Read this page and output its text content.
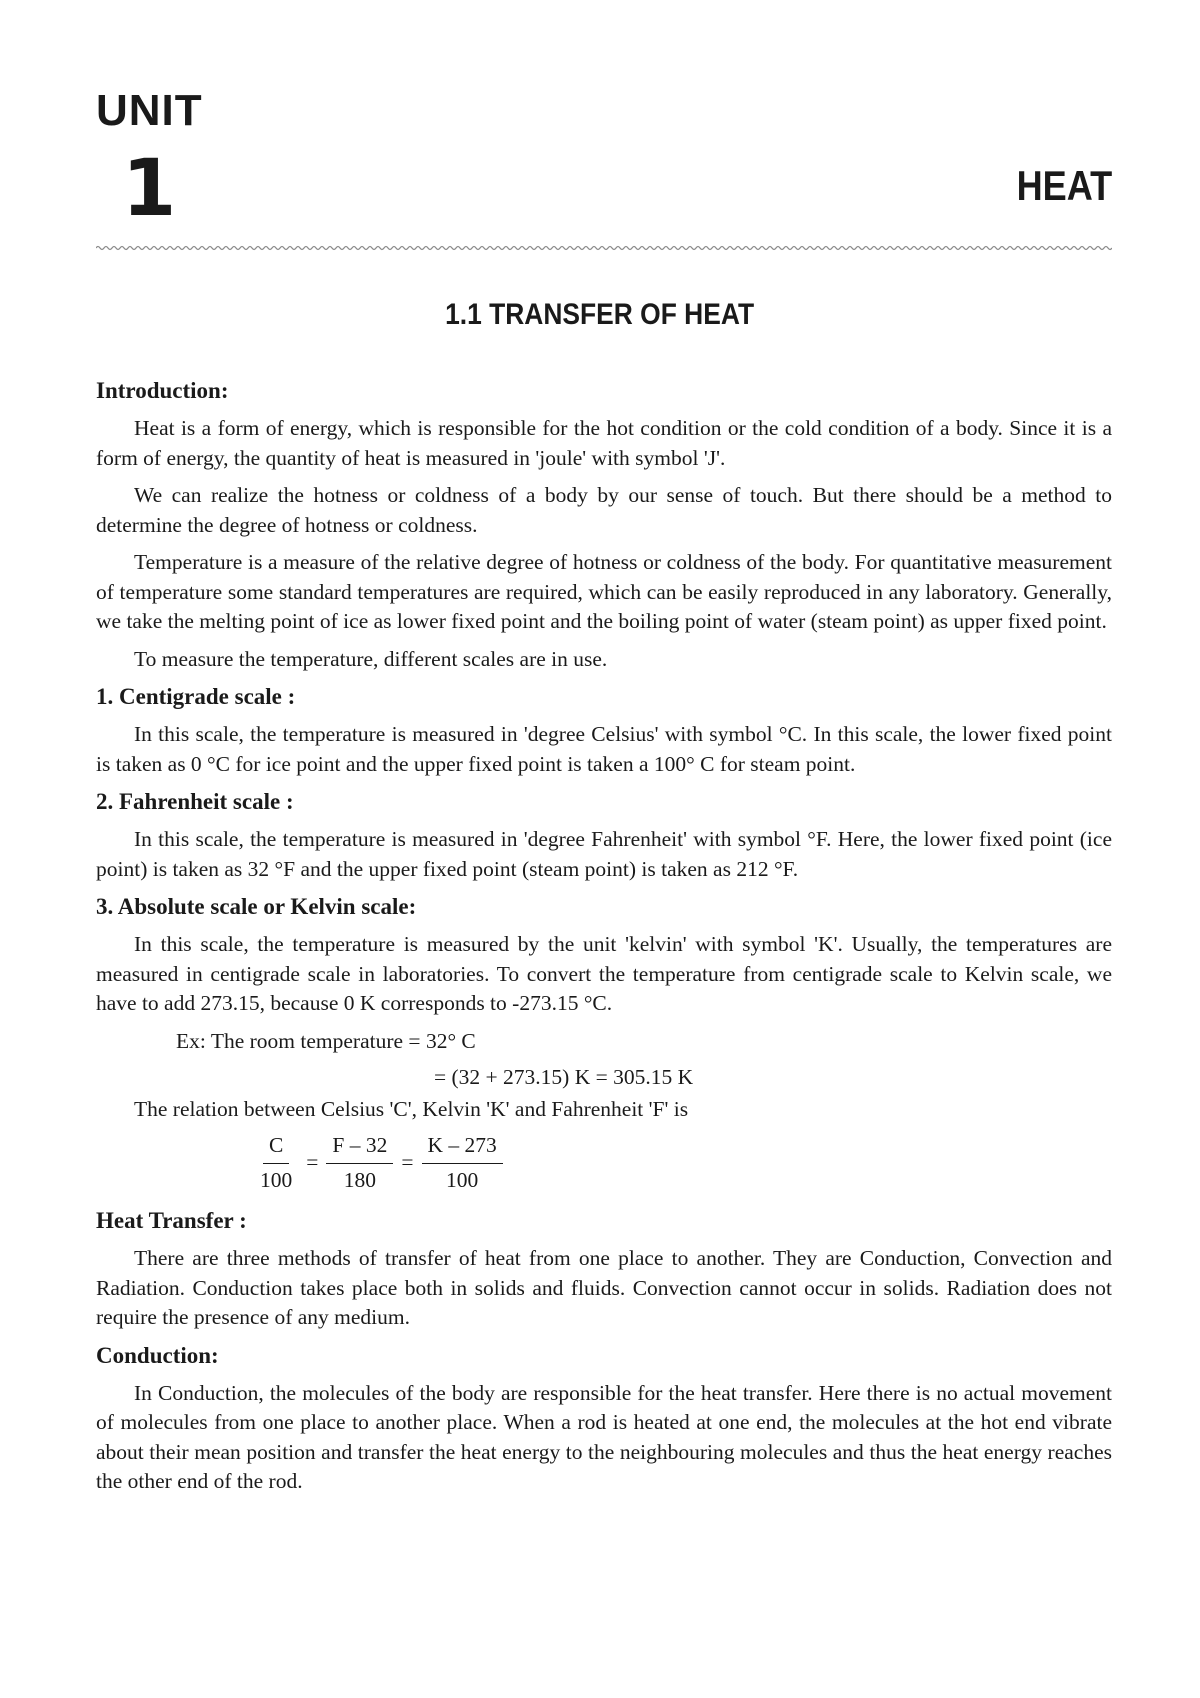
UNIT
1	HEAT
1.1 TRANSFER OF HEAT
Introduction:

Heat is a form of energy, which is responsible for the hot condition or the cold condition of a body. Since it is a form of energy, the quantity of heat is measured in 'joule' with symbol 'J'.

We can realize the hotness or coldness of a body by our sense of touch. But there should be a method to determine the degree of hotness or coldness.

Temperature is a measure of the relative degree of hotness or coldness of the body. For quantitative measurement of temperature some standard temperatures are required, which can be easily reproduced in any laboratory. Generally, we take the melting point of ice as lower fixed point and the boiling point of water (steam point) as upper fixed point.

To measure the temperature, different scales are in use.

1. Centigrade scale :

In this scale, the temperature is measured in 'degree Celsius' with symbol °C. In this scale, the lower fixed point is taken as 0 °C for ice point and the upper fixed point is taken a 100° C for steam point.

2. Fahrenheit scale :

In this scale, the temperature is measured in 'degree Fahrenheit' with symbol °F. Here, the lower fixed point (ice point) is taken as 32 °F and the upper fixed point (steam point) is taken as 212 °F.

3. Absolute scale or Kelvin scale:

In this scale, the temperature is measured by the unit 'kelvin' with symbol 'K'. Usually, the temperatures are measured in centigrade scale in laboratories. To convert the temperature from centigrade scale to Kelvin scale, we have to add 273.15, because 0 K corresponds to -273.15 °C.

Ex: The room temperature = 32° C
= (32 + 273.15) K = 305.15 K
The relation between Celsius 'C', Kelvin 'K' and Fahrenheit 'F' is
$\frac{C}{100} = \frac{F - 32}{180} = \frac{K - 273}{100}$
Heat Transfer :

There are three methods of transfer of heat from one place to another. They are Conduction, Convection and Radiation. Conduction takes place both in solids and fluids. Convection cannot occur in solids. Radiation does not require the presence of any medium.

Conduction:

In Conduction, the molecules of the body are responsible for the heat transfer. Here there is no actual movement of molecules from one place to another place. When a rod is heated at one end, the molecules at the hot end vibrate about their mean position and transfer the heat energy to the neighbouring molecules and thus the heat energy reaches the other end of the rod.
